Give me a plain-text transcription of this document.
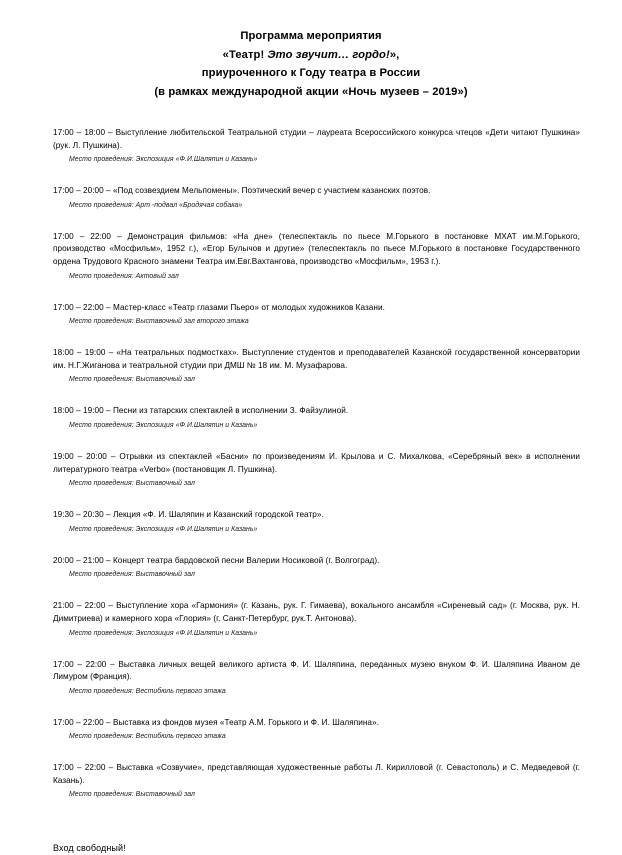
Программа мероприятия
«Театр! Это звучит… гордо!»,
приуроченного к Году театра в России
(в рамках международной акции «Ночь музеев – 2019»)
17:00 – 18:00 – Выступление любительской Театральной студии – лауреата Всероссийского конкурса чтецов «Дети читают Пушкина» (рук. Л. Пушкина).
Место проведения: Экспозиция «Ф.И.Шаляпин и Казань»
17:00 – 20:00 – «Под созвездием Мельпомены». Поэтический вечер с участием казанских поэтов.
Место проведения: Арт -подвал «Бродячая собака»
17:00 – 22:00 – Демонстрация фильмов: «На дне» (телеспектакль по пьесе М.Горького в постановке МХАТ им.М.Горького, производство «Мосфильм», 1952 г.), «Егор Булычов и другие» (телеспектакль по пьесе М.Горького в постановке Государственного ордена Трудового Красного знамени Театра им.Евг.Вахтангова, производство «Мосфильм», 1953 г.).
Место проведения: Актовый зал
17:00 – 22:00 – Мастер-класс «Театр глазами Пьеро» от молодых художников Казани.
Место проведения: Выставочный зал второго этажа
18:00 – 19:00 – «На театральных подмостках». Выступление студентов и преподавателей Казанской государственной консерватории им. Н.Г.Жиганова и театральной студии при ДМШ № 18 им. М. Музафарова.
Место проведения: Выставочный зал
18:00 – 19:00 – Песни из татарских спектаклей в исполнении З. Файзулиной.
Место проведения: Экспозиция «Ф.И.Шаляпин и Казань»
19:00 – 20:00 – Отрывки из спектаклей «Басни» по произведениям И. Крылова и С. Михалкова, «Серебряный век» в исполнении литературного театра «Verbo» (постановщик Л. Пушкина).
Место проведения: Выставочный зал
19:30 – 20:30 – Лекция «Ф. И. Шаляпин и Казанский городской театр».
Место проведения: Экспозиция «Ф.И.Шаляпин и Казань»
20:00 – 21:00 – Концерт театра бардовской песни Валерии Носиковой (г. Волгоград).
Место проведения: Выставочный зал
21:00 – 22:00 – Выступление хора «Гармония» (г. Казань, рук. Г. Гимаева), вокального ансамбля «Сиреневый сад» (г. Москва, рук. Н. Димитриева) и камерного хора «Глория» (г. Санкт-Петербург, рук.Т. Антонова).
Место проведения: Экспозиция «Ф.И.Шаляпин и Казань»
17:00 – 22:00 – Выставка личных вещей великого артиста Ф. И. Шаляпина, переданных музею внуком Ф. И. Шаляпина Иваном де Лимуром (Франция).
Место проведения: Вестибюль первого этажа
17:00 – 22:00 – Выставка из фондов музея «Театр А.М. Горького и Ф. И. Шаляпина».
Место проведения: Вестибюль первого этажа
17:00 – 22:00 – Выставка «Созвучие», представляющая художественные работы Л. Кирилловой (г. Севастополь) и С. Медведевой (г. Казань).
Место проведения: Выставочный зал
Вход свободный!
